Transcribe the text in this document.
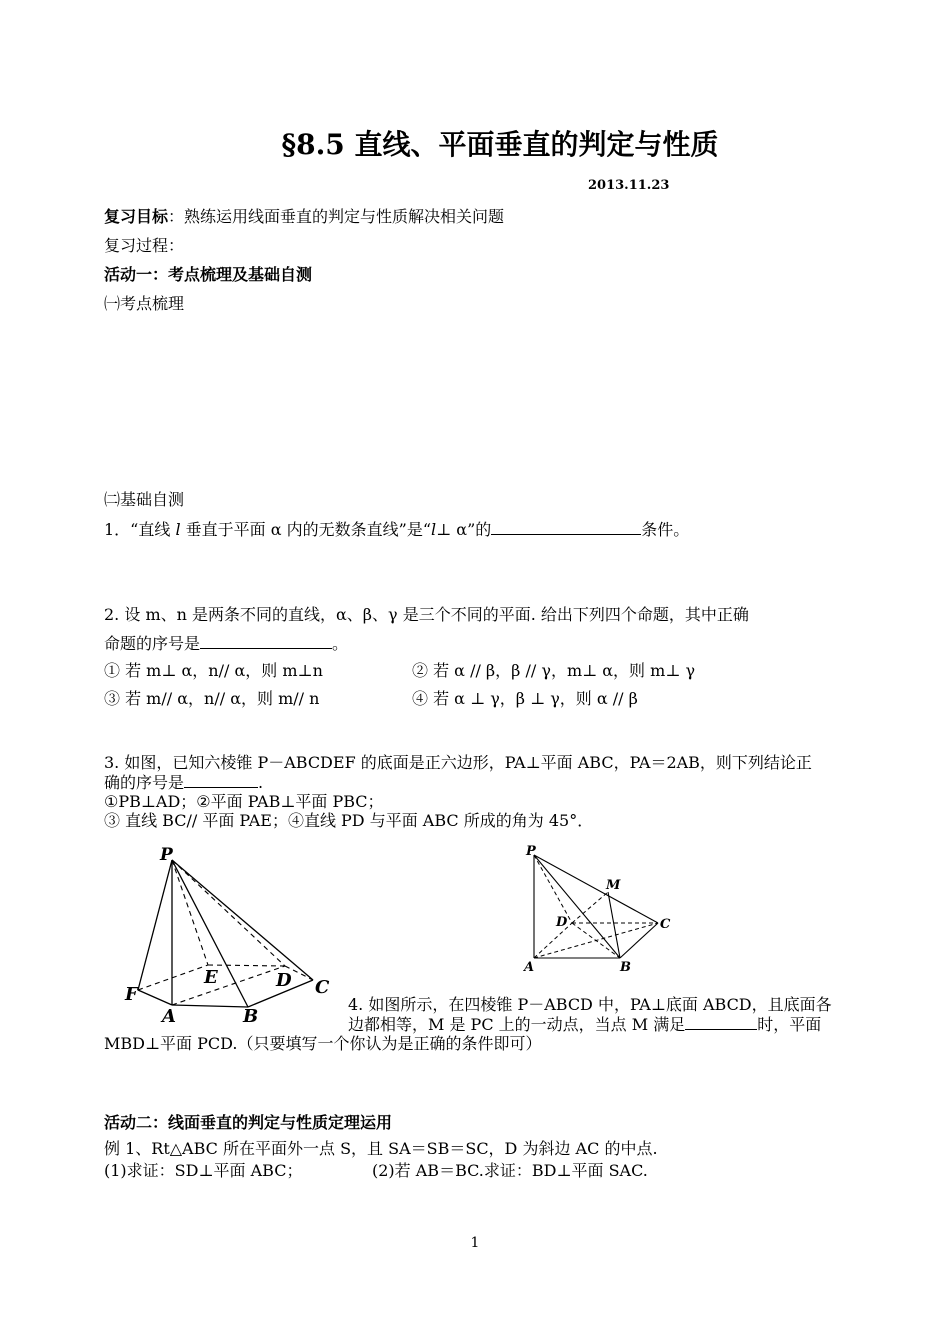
§8.5 直线、平面垂直的判定与性质
2013.11.23
复习目标：熟练运用线面垂直的判定与性质解决相关问题
复习过程：
活动一：考点梳理及基础自测
㈠考点梳理
㈡基础自测
1．“直线 l 垂直于平面 α 内的无数条直线”是“l⊥ α”的	条件。
2. 设 m、n 是两条不同的直线，α、β、γ 是三个不同的平面. 给出下列四个命题，其中正确
命题的序号是	。
① 若 m⊥ α，n// α，则 m⊥n	② 若 α // β，β // γ，m⊥ α，则 m⊥ γ
③ 若 m// α，n// α，则 m// n	④ 若 α ⊥ γ，β ⊥ γ，则 α // β
3. 如图，已知六棱锥 P－ABCDEF 的底面是正六边形，PA⊥平面 ABC，PA＝2AB，则下列结论正
确的序号是	.
①PB⊥AD；②平面 PAB⊥平面 PBC；
③ 直线 BC// 平面 PAE；④直线 PD 与平面 ABC 所成的角为 45°．
P
E	D C
F
A	B
P
M
D	C
A	B
4. 如图所示，在四棱锥 P－ABCD 中，PA⊥底面 ABCD，且底面各
边都相等，M 是 PC 上的一动点，当点 M 满足	时，平面
MBD⊥平面 PCD.（只要填写一个你认为是正确的条件即可）
活动二：线面垂直的判定与性质定理运用
例 1、Rt△ABC 所在平面外一点 S，且 SA＝SB＝SC，D 为斜边 AC 的中点.
(1)求证：SD⊥平面 ABC；	(2)若 AB＝BC.求证：BD⊥平面 SAC.
1
